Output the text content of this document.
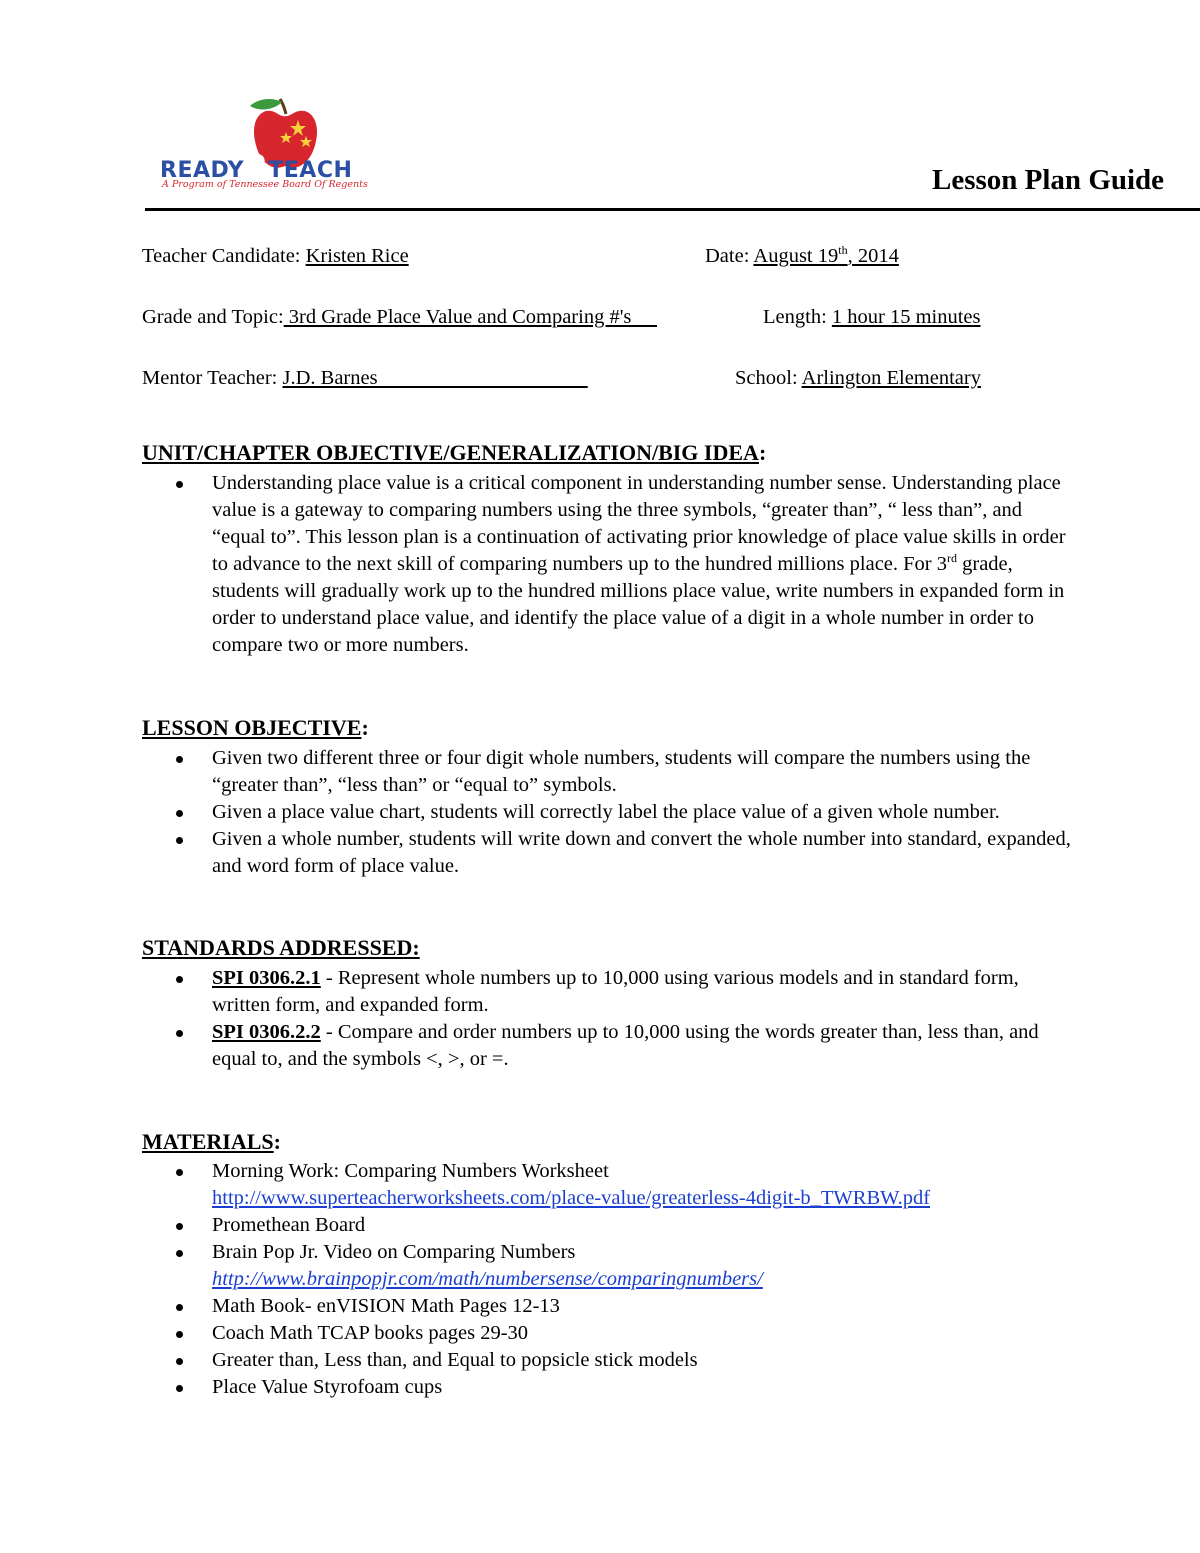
READY2TEACH
A Program of Tennessee Board Of Regents	Lesson Plan Guide
Teacher Candidate: Kristen Rice	Date: August 19th, 2014
Grade and Topic: 3rd Grade Place Value and Comparing #'s	Length: 1 hour 15 minutes
Mentor Teacher: J.D. Barnes	School: Arlington Elementary
UNIT/CHAPTER OBJECTIVE/GENERALIZATION/BIG IDEA:
Understanding place value is a critical component in understanding number sense. Understanding place value is a gateway to comparing numbers using the three symbols, “greater than”, “ less than”, and “equal to”. This lesson plan is a continuation of activating prior knowledge of place value skills in order to advance to the next skill of comparing numbers up to the hundred millions place. For 3rd grade, students will gradually work up to the hundred millions place value, write numbers in expanded form in order to understand place value, and identify the place value of a digit in a whole number in order to compare two or more numbers.
LESSON OBJECTIVE:
Given two different three or four digit whole numbers, students will compare the numbers using the “greater than”, “less than” or “equal to” symbols.
Given a place value chart, students will correctly label the place value of a given whole number.
Given a whole number, students will write down and convert the whole number into standard, expanded, and word form of place value.
STANDARDS ADDRESSED:
SPI 0306.2.1 - Represent whole numbers up to 10,000 using various models and in standard form, written form, and expanded form.
SPI 0306.2.2 - Compare and order numbers up to 10,000 using the words greater than, less than, and equal to, and the symbols <, >, or =.
MATERIALS:
Morning Work: Comparing Numbers Worksheet
http://www.superteacherworksheets.com/place-value/greaterless-4digit-b_TWRBW.pdf
Promethean Board
Brain Pop Jr. Video on Comparing Numbers
http://www.brainpopjr.com/math/numbersense/comparingnumbers/
Math Book- enVISION Math Pages 12-13
Coach Math TCAP books pages 29-30
Greater than, Less than, and Equal to popsicle stick models
Place Value Styrofoam cups
